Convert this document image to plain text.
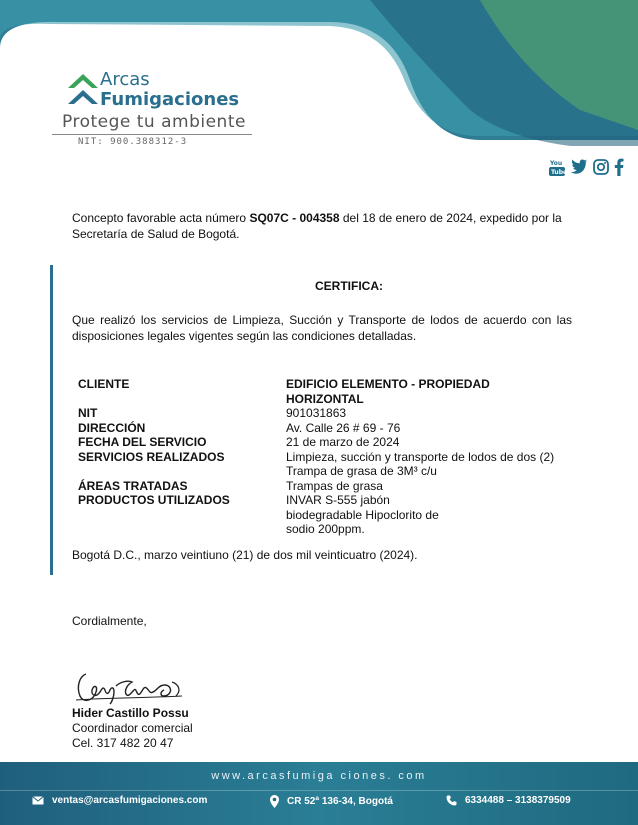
Arcas
Fumigaciones
Protege tu ambiente
NIT: 900.388312-3
You
Tube
Concepto favorable acta número SQ07C - 004358 del 18 de enero de 2024, expedido por la Secretaría de Salud de Bogotá.
CERTIFICA:
Que realizó los servicios de Limpieza, Succión y Transporte de lodos de acuerdo con las disposiciones legales vigentes según las condiciones detalladas.
CLIENTE	EDIFICIO ELEMENTO - PROPIEDAD HORIZONTAL
NIT	901031863
DIRECCIÓN	Av. Calle 26 # 69 - 76
FECHA DEL SERVICIO	21 de marzo de 2024
SERVICIOS REALIZADOS	Limpieza, succión y transporte de lodos de dos (2) Trampa de grasa de 3M³ c/u
ÁREAS TRATADAS	Trampas de grasa
PRODUCTOS UTILIZADOS	INVAR S-555 jabón biodegradable Hipoclorito de sodio 200ppm.
Bogotá D.C., marzo veintiuno (21) de dos mil veinticuatro (2024).
Cordialmente,
Hider Castillo Possu
Coordinador comercial
Cel. 317 482 20 47
www.arcasfumiga ciones. com
ventas@arcasfumigaciones.com	CR 52ª 136-34, Bogotá	6334488 – 3138379509
